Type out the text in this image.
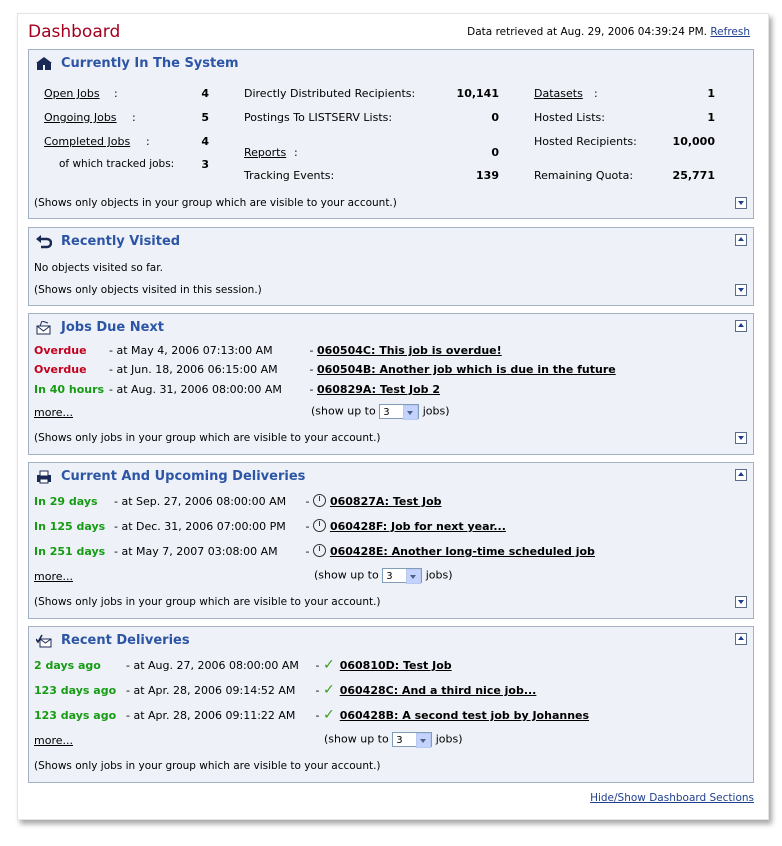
Dashboard	Data retrieved at Aug. 29, 2006 04:39:24 PM. Refresh
Currently In The System
Open Jobs :	4
Ongoing Jobs :	5
Completed Jobs :	4
of which tracked jobs:	3
Directly Distributed Recipients:	10,141
Postings To LISTSERV Lists:	0
Reports :	0
Tracking Events:	139
Datasets :	1
Hosted Lists:	1
Hosted Recipients:	10,000
Remaining Quota:	25,771
(Shows only objects in your group which are visible to your account.)
Recently Visited
No objects visited so far.
(Shows only objects visited in this session.)
Jobs Due Next
Overdue - at May 4, 2006 07:13:00 AM	- 060504C: This job is overdue!
Overdue - at Jun. 18, 2006 06:15:00 AM	- 060504B: Another job which is due in the future
In 40 hours - at Aug. 31, 2006 08:00:00 AM - 060829A: Test Job 2
more...	(show up to 3	jobs)
(Shows only jobs in your group which are visible to your account.)
Current And Upcoming Deliveries
In 29 days - at Sep. 27, 2006 08:00:00 AM - 060827A: Test Job
In 125 days - at Dec. 31, 2006 07:00:00 PM - 060428F: Job for next year...
In 251 days - at May 7, 2007 03:08:00 AM - 060428E: Another long-time scheduled job
more...	(show up to 3	jobs)
(Shows only jobs in your group which are visible to your account.)
Recent Deliveries
2 days ago - at Aug. 27, 2006 08:00:00 AM - ✓ 060810D: Test Job
123 days ago - at Apr. 28, 2006 09:14:52 AM - ✓ 060428C: And a third nice job...
123 days ago - at Apr. 28, 2006 09:11:22 AM - ✓ 060428B: A second test job by Johannes
more...	(show up to 3	jobs)
(Shows only jobs in your group which are visible to your account.)
Hide/Show Dashboard Sections
